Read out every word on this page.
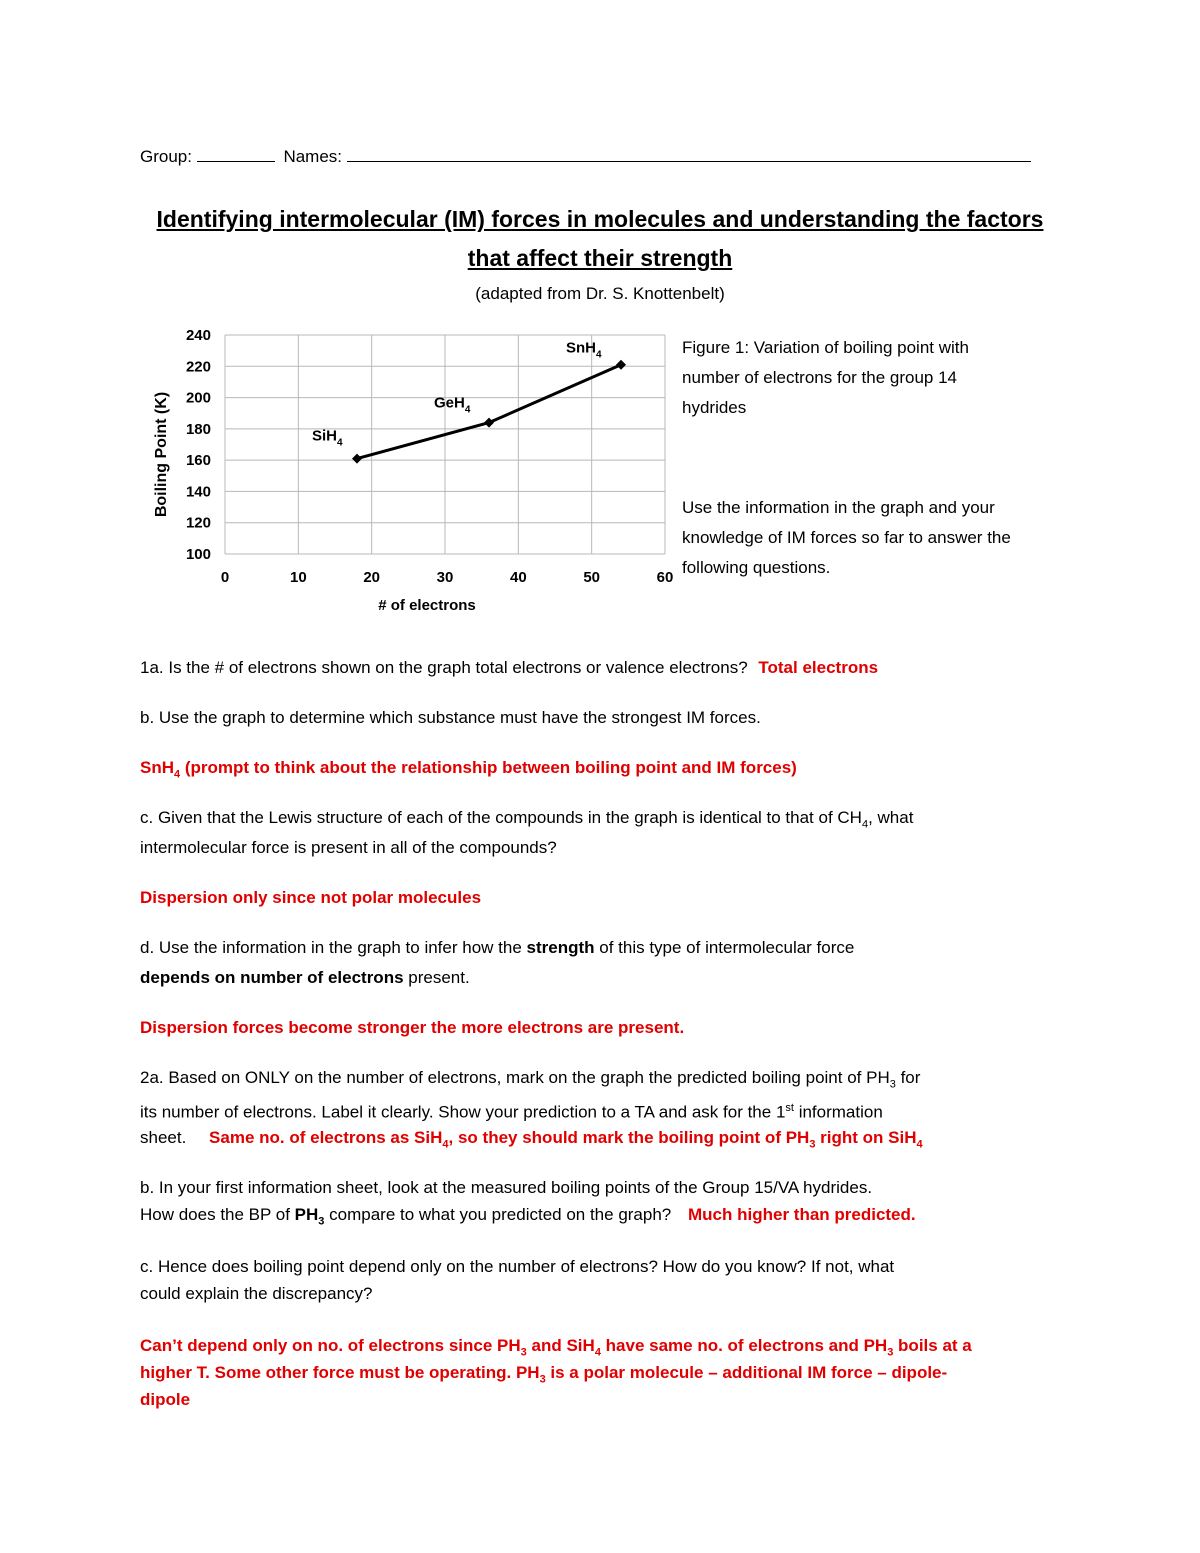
Group:	Names:
Identifying intermolecular (IM) forces in molecules and understanding the factors
that affect their strength
(adapted from Dr. S. Knottenbelt)
100
120
140
160
180
200
220
240
0	10	20	30	40	50	60
# of electrons
Boiling Point (K)	SiH$_4$
GeH$_4$
SnH$_4$	Figure 1: Variation of boiling point with
number of electrons for the group 14
hydrides
Use the information in the graph and your
knowledge of IM forces so far to answer the
following questions.
1a. Is the # of electrons shown on the graph total electrons or valence electrons? Total electrons
b. Use the graph to determine which substance must have the strongest IM forces.
SnH$_4$ (prompt to think about the relationship between boiling point and IM forces)
c. Given that the Lewis structure of each of the compounds in the graph is identical to that of $CH_4$, what
intermolecular force is present in all of the compounds?
Dispersion only since not polar molecules
d. Use the information in the graph to infer how the strength of this type of intermolecular force
depends on number of electrons present.
Dispersion forces become stronger the more electrons are present.
2a. Based on ONLY on the number of electrons, mark on the graph the predicted boiling point of $PH_3$ for
its number of electrons. Label it clearly. Show your prediction to a TA and ask for the 1st information
sheet. Same no. of electrons as SiH$_4$, so they should mark the boiling point of $PH_3$ right on SiH$_4$
b. In your first information sheet, look at the measured boiling points of the Group 15/VA hydrides.
How does the BP of $PH_3$ compare to what you predicted on the graph? Much higher than predicted.
c. Hence does boiling point depend only on the number of electrons? How do you know? If not, what
could explain the discrepancy?
Can’t depend only on no. of electrons since $PH_3$ and SiH$_4$ have same no. of electrons and $PH_3$ boils at a
higher T. Some other force must be operating. $PH_3$ is a polar molecule – additional IM force – dipole-
dipole
